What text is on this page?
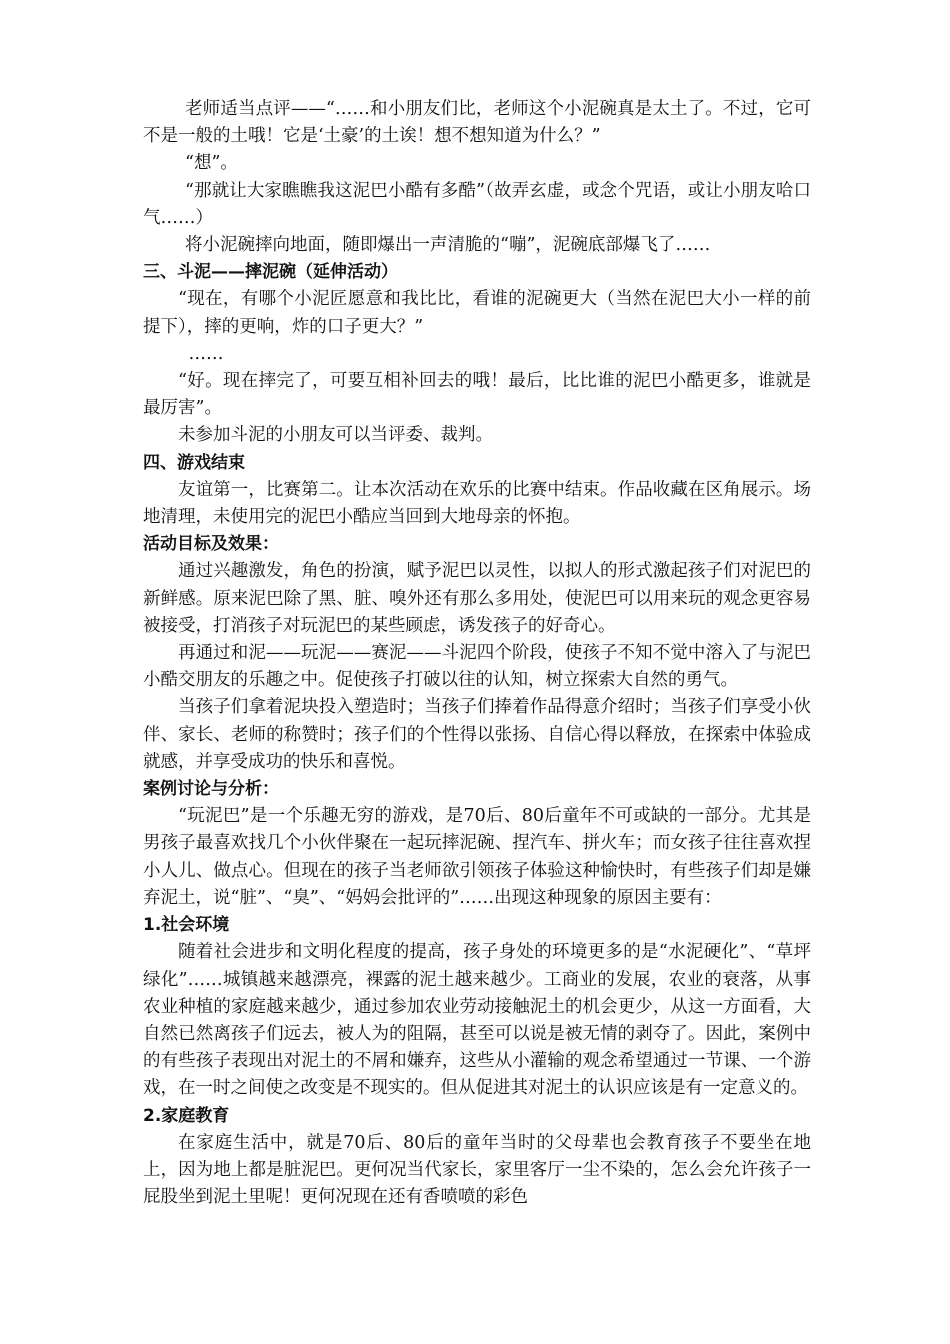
老师适当点评——“……和小朋友们比，老师这个小泥碗真是太土了。不过，它可不是一般的土哦！它是‘土豪’的土诶！想不想知道为什么？”

“想”。

“那就让大家瞧瞧我这泥巴小酷有多酷”（故弄玄虚，或念个咒语，或让小朋友哈口气……）

将小泥碗摔向地面，随即爆出一声清脆的“嘣”，泥碗底部爆飞了……

三、斗泥——摔泥碗（延伸活动）

“现在，有哪个小泥匠愿意和我比比，看谁的泥碗更大（当然在泥巴大小一样的前提下），摔的更响，炸的口子更大？”

……

“好。现在摔完了，可要互相补回去的哦！最后，比比谁的泥巴小酷更多，谁就是最厉害”。

未参加斗泥的小朋友可以当评委、裁判。

四、游戏结束

友谊第一，比赛第二。让本次活动在欢乐的比赛中结束。作品收藏在区角展示。场地清理，未使用完的泥巴小酷应当回到大地母亲的怀抱。

活动目标及效果：

通过兴趣激发，角色的扮演，赋予泥巴以灵性，以拟人的形式激起孩子们对泥巴的新鲜感。原来泥巴除了黑、脏、嗅外还有那么多用处，使泥巴可以用来玩的观念更容易被接受，打消孩子对玩泥巴的某些顾虑，诱发孩子的好奇心。

再通过和泥——玩泥——赛泥——斗泥四个阶段，使孩子不知不觉中溶入了与泥巴小酷交朋友的乐趣之中。促使孩子打破以往的认知，树立探索大自然的勇气。

当孩子们拿着泥块投入塑造时；当孩子们捧着作品得意介绍时；当孩子们享受小伙伴、家长、老师的称赞时；孩子们的个性得以张扬、自信心得以释放，在探索中体验成就感，并享受成功的快乐和喜悦。

案例讨论与分析：

“玩泥巴”是一个乐趣无穷的游戏，是70后、80后童年不可或缺的一部分。尤其是男孩子最喜欢找几个小伙伴聚在一起玩摔泥碗、捏汽车、拼火车；而女孩子往往喜欢捏小人儿、做点心。但现在的孩子当老师欲引领孩子体验这种愉快时，有些孩子们却是嫌弃泥土，说“脏”、“臭”、“妈妈会批评的”……出现这种现象的原因主要有：

1.社会环境

随着社会进步和文明化程度的提高，孩子身处的环境更多的是“水泥硬化”、“草坪绿化”……城镇越来越漂亮，裸露的泥土越来越少。工商业的发展，农业的衰落，从事农业种植的家庭越来越少，通过参加农业劳动接触泥土的机会更少，从这一方面看，大自然已然离孩子们远去，被人为的阻隔，甚至可以说是被无情的剥夺了。因此，案例中的有些孩子表现出对泥土的不屑和嫌弃，这些从小灌输的观念希望通过一节课、一个游戏，在一时之间使之改变是不现实的。但从促进其对泥土的认识应该是有一定意义的。

2.家庭教育

在家庭生活中，就是70后、80后的童年当时的父母辈也会教育孩子不要坐在地上，因为地上都是脏泥巴。更何况当代家长，家里客厅一尘不染的，怎么会允许孩子一屁股坐到泥土里呢！更何况现在还有香喷喷的彩色
